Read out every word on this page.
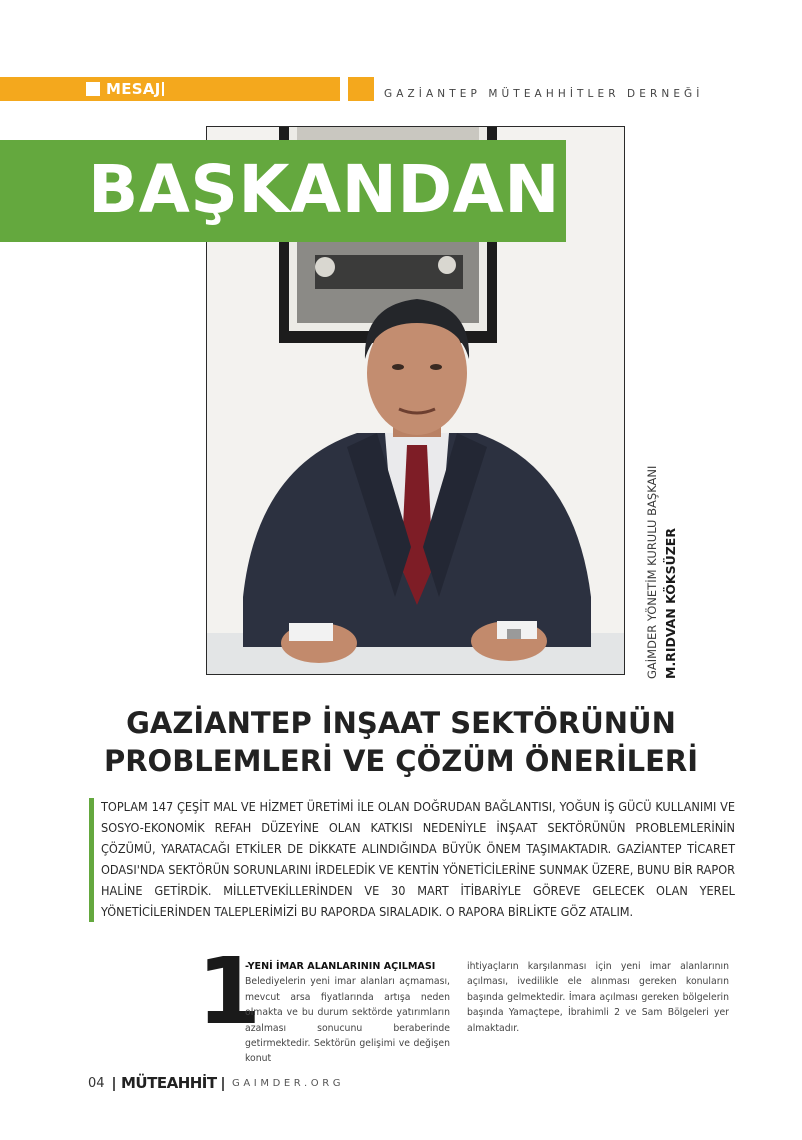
MESAJ	GAZİANTEP MÜTEAHHİTLER DERNEĞİ
BAŞKANDAN
GAİMDER YÖNETİM KURULU BAŞKANI M.RIDVAN KÖKSÜZER
GAZİANTEP İNŞAAT SEKTÖRÜNÜN
PROBLEMLERİ VE ÇÖZÜM ÖNERİLERİ
TOPLAM 147 ÇEŞİT MAL VE HİZMET ÜRETİMİ İLE OLAN DOĞRUDAN BAĞLANTISI, YOĞUN İŞ GÜCÜ KULLANIMI VE SOSYO-EKONOMİK REFAH DÜZEYİNE OLAN KATKISI NEDENİYLE İNŞAAT SEKTÖRÜNÜN PROBLEMLERİNİN ÇÖZÜMÜ, YARATACAĞI ETKİLER DE DİKKATE ALINDIĞINDA BÜYÜK ÖNEM TAŞIMAKTADIR. GAZİANTEP TİCARET ODASI'NDA SEKTÖRÜN SORUNLARINI İRDELEDİK VE KENTİN YÖNETİCİLERİNE SUNMAK ÜZERE, BUNU BİR RAPOR HALİNE GETİRDİK. MİLLETVEKİLLERİNDEN VE 30 MART İTİBARİYLE GÖREVE GELECEK OLAN YEREL YÖNETİCİLERİNDEN TALEPLERİMİZİ BU RAPORDA SIRALADIK. O RAPORA BİRLİKTE GÖZ ATALIM.
1
-YENİ İMAR ALANLARININ AÇILMASI
Belediyelerin yeni imar alanları açmaması, mevcut arsa fiyatlarında artışa neden olmakta ve bu durum sektörde yatırımların azalması sonucunu beraberinde getirmektedir. Sektörün gelişimi ve değişen konut
ihtiyaçların karşılanması için yeni imar alanlarının açılması, ivedilikle ele alınması gereken konuların başında gelmektedir. İmara açılması gereken bölgelerin başında Yamaçtepe, İbrahimli 2 ve Sam Bölgeleri yer almaktadır.
04 MÜTEAHHİT GAIMDER.ORG
